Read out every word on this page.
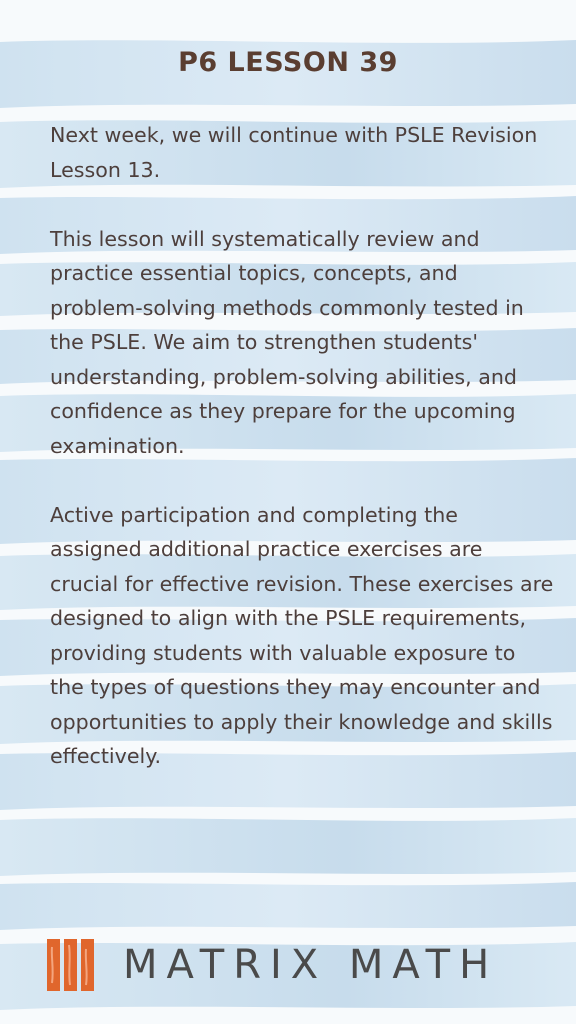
P6 LESSON 39

Next week, we will continue with PSLE Revision Lesson 13.

This lesson will systematically review and practice essential topics, concepts, and problem-solving methods commonly tested in the PSLE. We aim to strengthen students' understanding, problem-solving abilities, and confidence as they prepare for the upcoming examination.

Active participation and completing the assigned additional practice exercises are crucial for effective revision. These exercises are designed to align with the PSLE requirements, providing students with valuable exposure to the types of questions they may encounter and opportunities to apply their knowledge and skills effectively.

MATRIX MATH
